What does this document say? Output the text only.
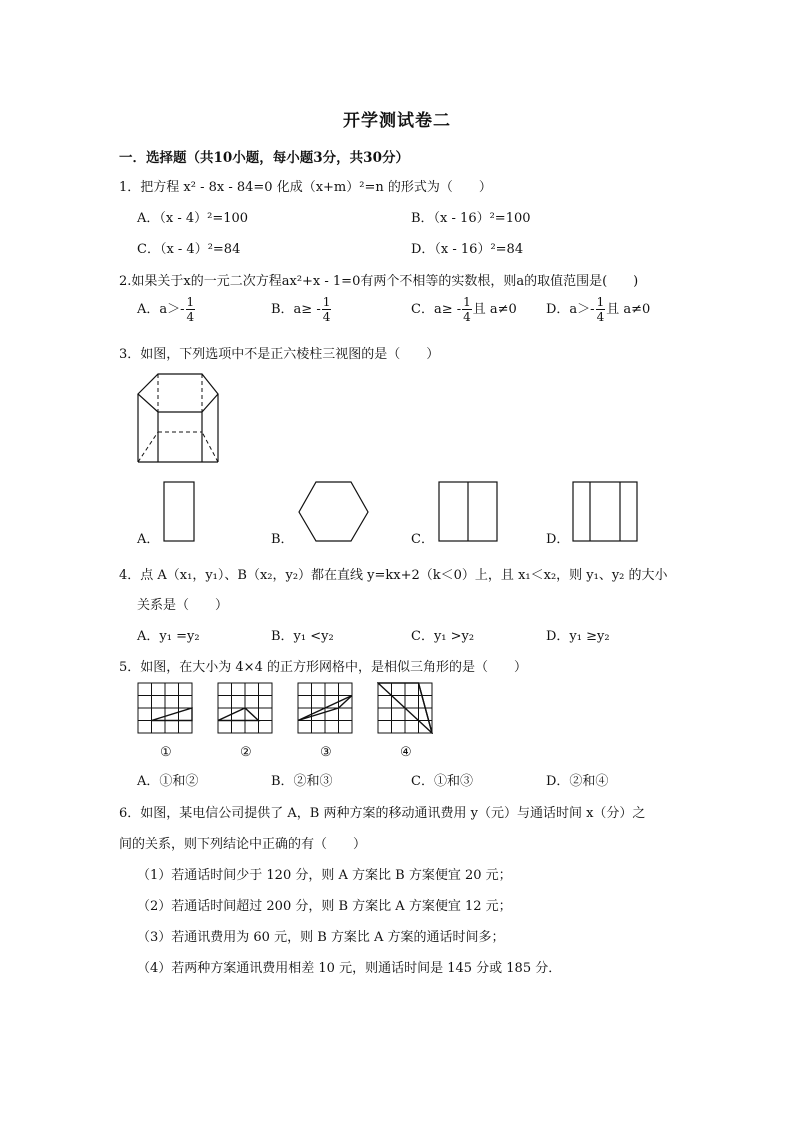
开学测试卷二
一．选择题（共10小题，每小题3分，共30分）
1．把方程 x² - 8x - 84=0 化成（x+m）²=n 的形式为（　　）
A．（x - 4）²=100	B．（x - 16）²=100
C．（x - 4）²=84	D．（x - 16）²=84
2.如果关于x的一元二次方程ax²+x - 1=0有两个不相等的实数根，则a的取值范围是(　　)
A．$a>- \frac{1}{4}$	B．$a\ge - \frac{1}{4}$	C．$a\ge - \frac{1}{4}$ 且 a≠0 D．$a>- \frac{1}{4}$ 且 a≠0
3．如图，下列选项中不是正六棱柱三视图的是（　　）
A．	B．	C．	D．
4．点 A（x₁，y₁）、B（x₂，y₂）都在直线 y=kx+2（k＜0）上，且 x₁＜x₂，则 y₁、y₂ 的大小
关系是（　　）
A．y₁ =y₂	B．y₁ <y₂	C．y₁ >y₂	D．y₁ ≥y₂
5．如图，在大小为 4×4 的正方形网格中，是相似三角形的是（　　）
①	②	③	④
A．①和②	B．②和③	C．①和③	D．②和④
6．如图，某电信公司提供了 A，B 两种方案的移动通讯费用 y（元）与通话时间 x（分）之
间的关系，则下列结论中正确的有（　　）
（1）若通话时间少于 120 分，则 A 方案比 B 方案便宜 20 元；
（2）若通话时间超过 200 分，则 B 方案比 A 方案便宜 12 元；
（3）若通讯费用为 60 元，则 B 方案比 A 方案的通话时间多；
（4）若两种方案通讯费用相差 10 元，则通话时间是 145 分或 185 分．
